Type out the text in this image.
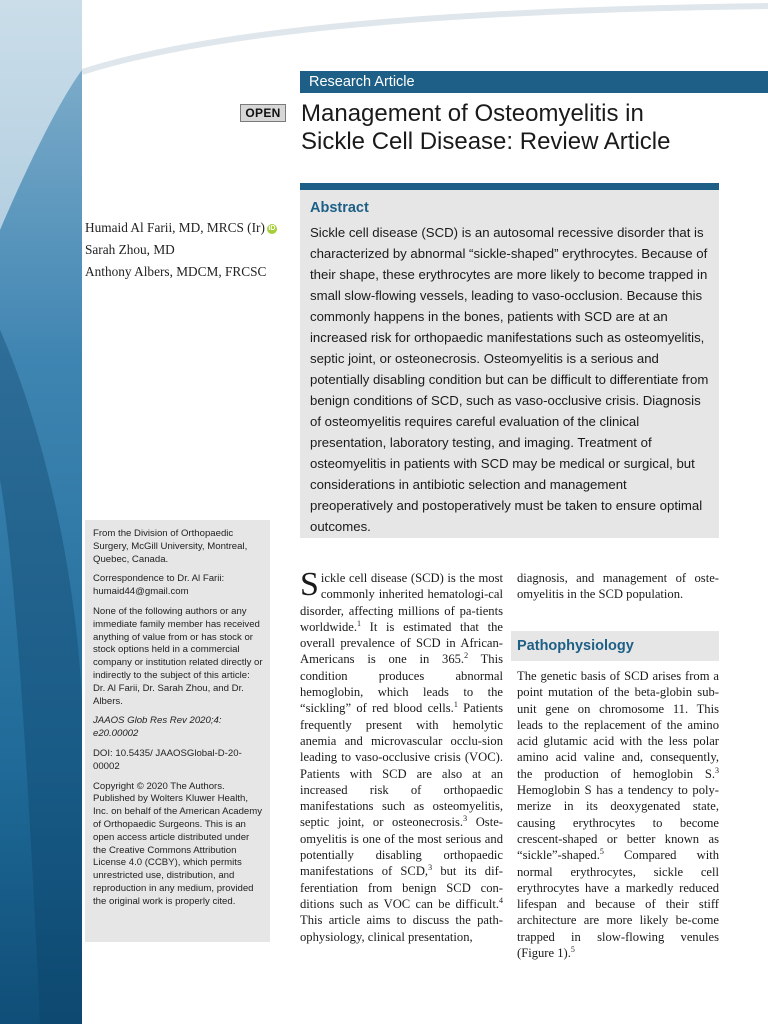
Research Article
OPEN Management of Osteomyelitis in
Sickle Cell Disease: Review Article

Humaid Al Farii, MD, MRCS (Ir) iD

Sarah Zhou, MD

Anthony Albers, MDCM, FRCSC

Abstract

Sickle cell disease (SCD) is an autosomal recessive disorder that is characterized by abnormal “sickle-shaped” erythrocytes. Because of their shape, these erythrocytes are more likely to become trapped in small slow-flowing vessels, leading to vaso-occlusion. Because this commonly happens in the bones, patients with SCD are at an increased risk for orthopaedic manifestations such as osteomyelitis, septic joint, or osteonecrosis. Osteomyelitis is a serious and potentially disabling condition but can be difficult to differentiate from benign conditions of SCD, such as vaso-occlusive crisis. Diagnosis of osteomyelitis requires careful evaluation of the clinical presentation, laboratory testing, and imaging. Treatment of osteomyelitis in patients with SCD may be medical or surgical, but considerations in antibiotic selection and management preoperatively and postoperatively must be taken to ensure optimal outcomes.

From the Division of Orthopaedic Surgery, McGill University, Montreal, Quebec, Canada.

Correspondence to Dr. Al Farii: humaid44@gmail.com

None of the following authors or any immediate family member has received anything of value from or has stock or stock options held in a commercial company or institution related directly or indirectly to the subject of this article: Dr. Al Farii, Dr. Sarah Zhou, and Dr. Albers.

JAAOS Glob Res Rev 2020;4: e20.00002

DOI: 10.5435/ JAAOSGlobal-D-20-00002

Copyright © 2020 The Authors. Published by Wolters Kluwer Health, Inc. on behalf of the American Academy of Orthopaedic Surgeons. This is an open access article distributed under the Creative Commons Attribution License 4.0 (CCBY), which permits unrestricted use, distribution, and reproduction in any medium, provided the original work is properly cited.

Sickle cell disease (SCD) is the most commonly inherited hematologi-cal disorder, affecting millions of pa-tients worldwide.$^1$ It is estimated that the overall prevalence of SCD in African-Americans is one in 365.$^2$ This condition produces abnormal hemoglobin, which leads to the “sickling” of red blood cells.$^1$ Patients frequently present with hemolytic anemia and microvascular occlu-sion leading to vaso-occlusive crisis (VOC). Patients with SCD are also at an increased risk of orthopaedic manifestations such as osteomyelitis, septic joint, or osteonecrosis.$^3$ Oste-omyelitis is one of the most serious and potentially disabling orthopaedic manifestations of SCD,$^3$ but its dif-ferentiation from benign SCD con-ditions such as VOC can be difficult.$^4$ This article aims to discuss the path-ophysiology, clinical presentation,

diagnosis, and management of oste-omyelitis in the SCD population.

Pathophysiology

The genetic basis of SCD arises from a point mutation of the beta-globin sub-unit gene on chromosome 11. This leads to the replacement of the amino acid glutamic acid with the less polar amino acid valine and, consequently, the production of hemoglobin S.$^3$ Hemoglobin S has a tendency to poly-merize in its deoxygenated state, causing erythrocytes to become crescent-shaped or better known as “sickle”-shaped.$^5$ Compared with normal erythrocytes, sickle cell erythrocytes have a markedly reduced lifespan and because of their stiff architecture are more likely be-come trapped in slow-flowing venules (Figure 1).$^5$
